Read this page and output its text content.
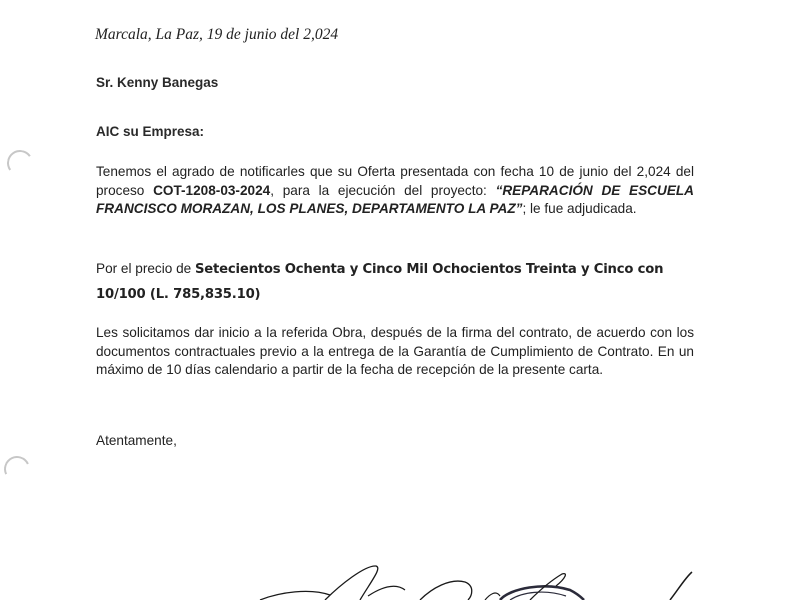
Marcala, La Paz, 19 de junio del 2,024
Sr. Kenny Banegas
AIC su Empresa:
Tenemos el agrado de notificarles que su Oferta presentada con fecha 10 de junio del 2,024 del proceso COT-1208-03-2024, para la ejecución del proyecto: “REPARACIÓN DE ESCUELA FRANCISCO MORAZAN, LOS PLANES, DEPARTAMENTO LA PAZ”; le fue adjudicada.
Por el precio de Setecientos Ochenta y Cinco Mil Ochocientos Treinta y Cinco con 10/100 (L. 785,835.10)
Les solicitamos dar inicio a la referida Obra, después de la firma del contrato, de acuerdo con los documentos contractuales previo a la entrega de la Garantía de Cumplimiento de Contrato. En un máximo de 10 días calendario a partir de la fecha de recepción de la presente carta.
Atentamente,
